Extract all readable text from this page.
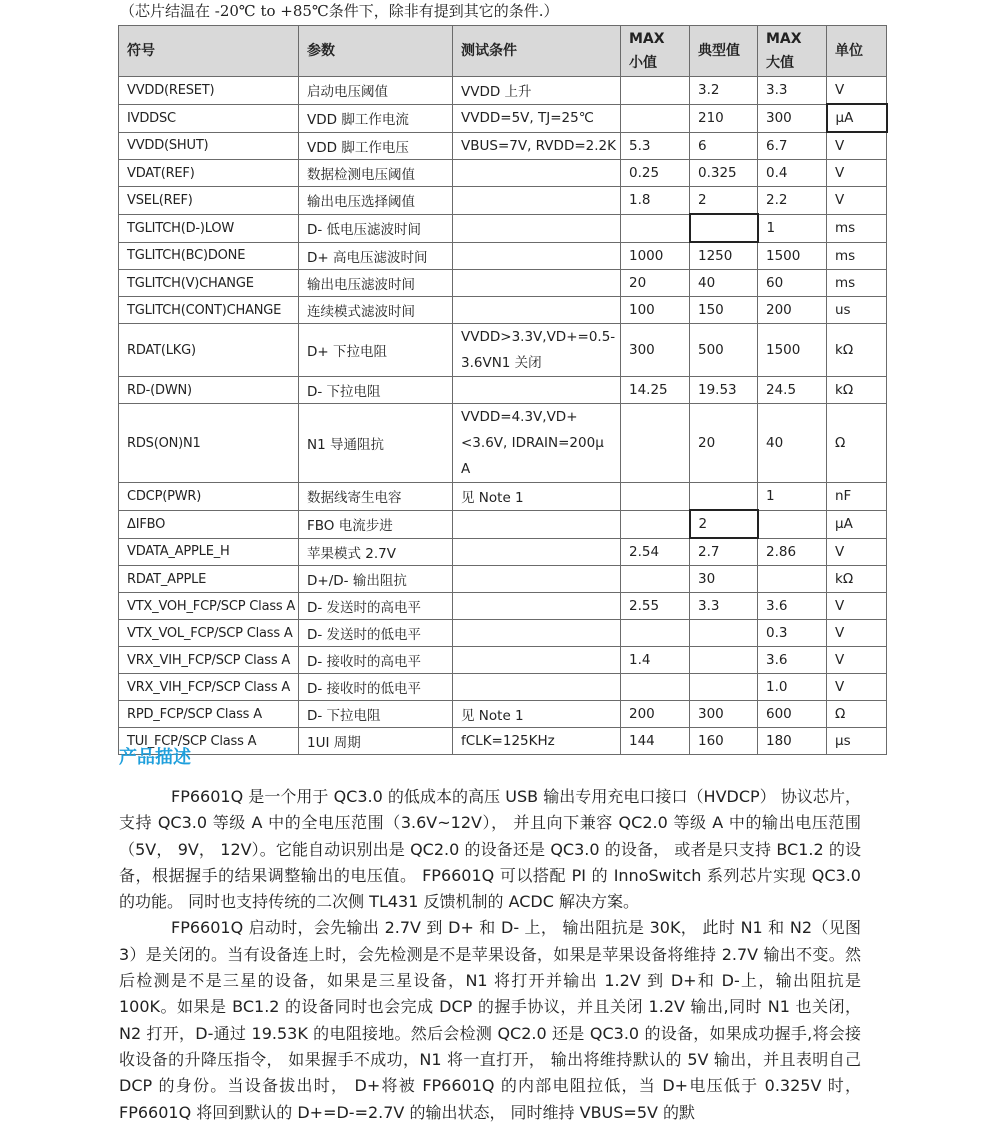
（芯片结温在 -20℃ to +85℃条件下，除非有提到其它的条件.）
符号	参数	测试条件	MAX 小值	典型值	MAX 大值	单位
VVDD(RESET)	启动电压阈值	VVDD 上升		3.2	3.3	V
IVDDSC	VDD 脚工作电流	VVDD=5V, TJ=25℃		210	300	μA
VVDD(SHUT)	VDD 脚工作电压	VBUS=7V, RVDD=2.2K	5.3	6	6.7	V
VDAT(REF)	数据检测电压阈值		0.25	0.325	0.4	V
VSEL(REF)	输出电压选择阈值		1.8	2	2.2	V
TGLITCH(D-)LOW	D- 低电压滤波时间				1	ms
TGLITCH(BC)DONE	D+ 高电压滤波时间		1000	1250	1500	ms
TGLITCH(V)CHANGE	输出电压滤波时间		20	40	60	ms
TGLITCH(CONT)CHANGE	连续模式滤波时间		100	150	200	us
RDAT(LKG)	D+ 下拉电阻	VVDD>3.3V,VD+=0.5-3.6VN1 关闭	300	500	1500	kΩ
RD-(DWN)	D- 下拉电阻		14.25	19.53	24.5	kΩ
RDS(ON)N1	N1 导通阻抗	VVDD=4.3V,VD+<3.6V, IDRAIN=200μ A		20	40	Ω
CDCP(PWR)	数据线寄生电容	见 Note 1			1	nF
ΔIFBO	FBO 电流步进			2		μA
VDATA_APPLE_H	苹果模式 2.7V		2.54	2.7	2.86	V
RDAT_APPLE	D+/D- 输出阻抗			30		kΩ
VTX_VOH_FCP/SCP Class A	D- 发送时的高电平		2.55	3.3	3.6	V
VTX_VOL_FCP/SCP Class A	D- 发送时的低电平				0.3	V
VRX_VIH_FCP/SCP Class A	D- 接收时的高电平		1.4		3.6	V
VRX_VIH_FCP/SCP Class A	D- 接收时的低电平				1.0	V
RPD_FCP/SCP Class A	D- 下拉电阻	见 Note 1	200	300	600	Ω
TUI_FCP/SCP Class A	1UI 周期	fCLK=125KHz	144	160	180	μs
产品描述

FP6601Q 是一个用于 QC3.0 的低成本的高压 USB 输出专用充电口接口（HVDCP） 协议芯片， 支持 QC3.0 等级 A 中的全电压范围（3.6V~12V）， 并且向下兼容 QC2.0 等级 A 中的输出电压范围（5V， 9V， 12V）。它能自动识别出是 QC2.0 的设备还是 QC3.0 的设备， 或者是只支持 BC1.2 的设备，根据握手的结果调整输出的电压值。 FP6601Q 可以搭配 PI 的 InnoSwitch 系列芯片实现 QC3.0 的功能。 同时也支持传统的二次侧 TL431 反馈机制的 ACDC 解决方案。

FP6601Q 启动时，会先输出 2.7V 到 D+ 和 D- 上， 输出阻抗是 30K， 此时 N1 和 N2（见图 3）是关闭的。当有设备连上时，会先检测是不是苹果设备，如果是苹果设备将维持 2.7V 输出不变。然后检测是不是三星的设备，如果是三星设备，N1 将打开并输出 1.2V 到 D+和 D-上，输出阻抗是 100K。如果是 BC1.2 的设备同时也会完成 DCP 的握手协议，并且关闭 1.2V 输出,同时 N1 也关闭，N2 打开，D-通过 19.53K 的电阻接地。然后会检测 QC2.0 还是 QC3.0 的设备，如果成功握手,将会接收设备的升降压指令， 如果握手不成功，N1 将一直打开， 输出将维持默认的 5V 输出，并且表明自己 DCP 的身份。当设备拔出时， D+将被 FP6601Q 的内部电阻拉低，当 D+电压低于 0.325V 时，FP6601Q 将回到默认的 D+=D-=2.7V 的输出状态， 同时维持 VBUS=5V 的默
